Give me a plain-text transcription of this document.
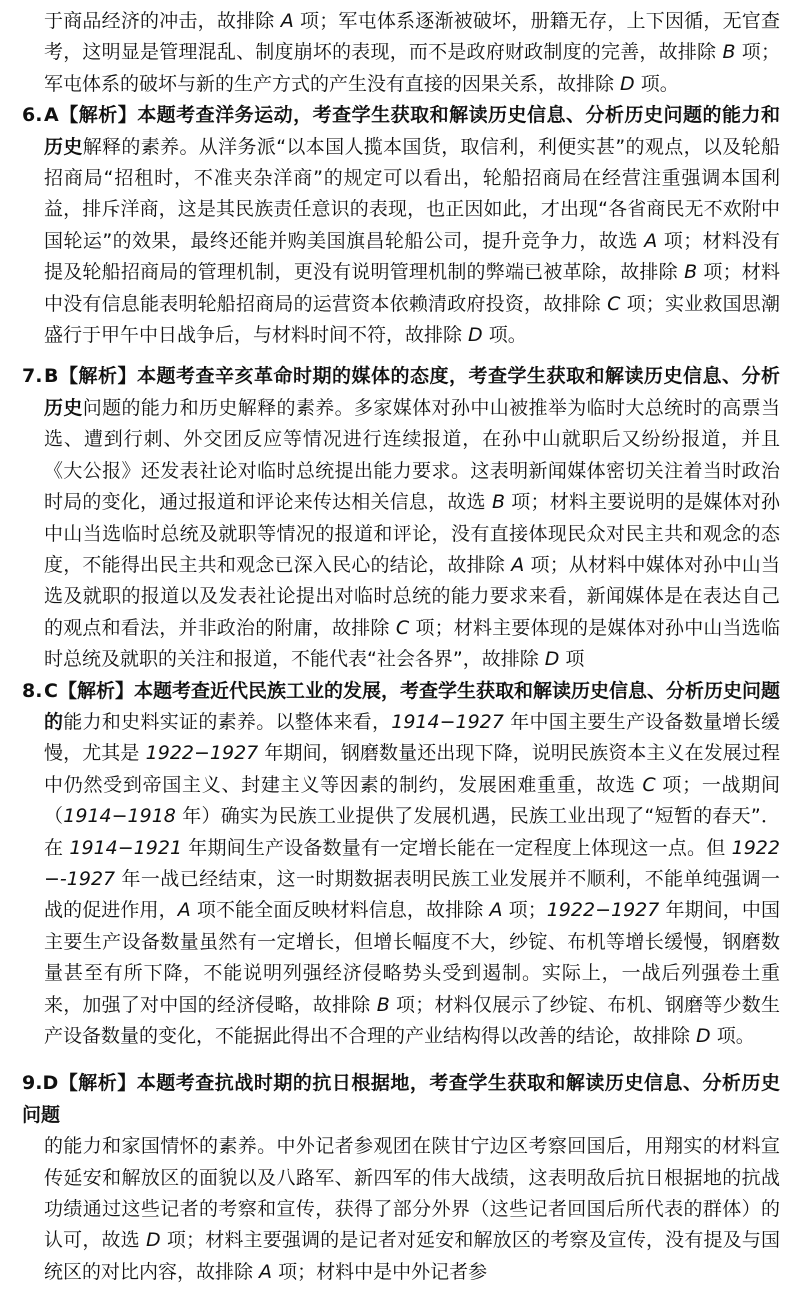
于商品经济的冲击，故排除 A 项；军屯体系逐渐被破坏，册籍无存，上下因循，无官查考，这明显是管理混乱、制度崩坏的表现，而不是政府财政制度的完善，故排除 B 项；军屯体系的破坏与新的生产方式的产生没有直接的因果关系，故排除 D 项。

6.A【解析】本题考查洋务运动，考查学生获取和解读历史信息、分析历史问题的能力和历史解释的素养。从洋务派“以本国人揽本国货，取信利，利便实甚”的观点，以及轮船招商局“招租时，不准夹杂洋商”的规定可以看出，轮船招商局在经营注重强调本国利益，排斥洋商，这是其民族责任意识的表现，也正因如此，才出现“各省商民无不欢附中国轮运”的效果，最终还能并购美国旗昌轮船公司，提升竞争力，故选 A 项；材料没有提及轮船招商局的管理机制，更没有说明管理机制的弊端已被革除，故排除 B 项；材料中没有信息能表明轮船招商局的运营资本依赖清政府投资，故排除 C 项；实业救国思潮盛行于甲午中日战争后，与材料时间不符，故排除 D 项。

7.B【解析】本题考查辛亥革命时期的媒体的态度，考查学生获取和解读历史信息、分析历史问题的能力和历史解释的素养。多家媒体对孙中山被推举为临时大总统时的高票当选、遭到行刺、外交团反应等情况进行连续报道，在孙中山就职后又纷纷报道，并且《大公报》还发表社论对临时总统提出能力要求。这表明新闻媒体密切关注着当时政治时局的变化，通过报道和评论来传达相关信息，故选 B 项；材料主要说明的是媒体对孙中山当选临时总统及就职等情况的报道和评论，没有直接体现民众对民主共和观念的态度，不能得出民主共和观念已深入民心的结论，故排除 A 项；从材料中媒体对孙中山当选及就职的报道以及发表社论提出对临时总统的能力要求来看，新闻媒体是在表达自己的观点和看法，并非政治的附庸，故排除 C 项；材料主要体现的是媒体对孙中山当选临时总统及就职的关注和报道，不能代表“社会各界”，故排除 D 项

8.C【解析】本题考查近代民族工业的发展，考查学生获取和解读历史信息、分析历史问题的能力和史料实证的素养。以整体来看，1914−1927 年中国主要生产设备数量增长缓慢，尤其是 1922−1927 年期间，钢磨数量还出现下降，说明民族资本主义在发展过程中仍然受到帝国主义、封建主义等因素的制约，发展困难重重，故选 C 项；一战期间（1914−1918 年）确实为民族工业提供了发展机遇，民族工业出现了“短暂的春天”．在 1914−1921 年期间生产设备数量有一定增长能在一定程度上体现这一点。但 1922−-1927 年一战已经结束，这一时期数据表明民族工业发展并不顺利，不能单纯强调一战的促进作用，A 项不能全面反映材料信息，故排除 A 项；1922−1927 年期间，中国主要生产设备数量虽然有一定增长，但增长幅度不大，纱锭、布机等增长缓慢，钢磨数量甚至有所下降，不能说明列强经济侵略势头受到遏制。实际上，一战后列强卷土重来，加强了对中国的经济侵略，故排除 B 项；材料仅展示了纱锭、布机、钢磨等少数生产设备数量的变化，不能据此得出不合理的产业结构得以改善的结论，故排除 D 项。

9.D【解析】本题考查抗战时期的抗日根据地，考查学生获取和解读历史信息、分析历史问题

的能力和家国情怀的素养。中外记者参观团在陕甘宁边区考察回国后，用翔实的材料宣传延安和解放区的面貌以及八路军、新四军的伟大战绩，这表明敌后抗日根据地的抗战功绩通过这些记者的考察和宣传，获得了部分外界（这些记者回国后所代表的群体）的认可，故选 D 项；材料主要强调的是记者对延安和解放区的考察及宣传，没有提及与国统区的对比内容，故排除 A 项；材料中是中外记者参
